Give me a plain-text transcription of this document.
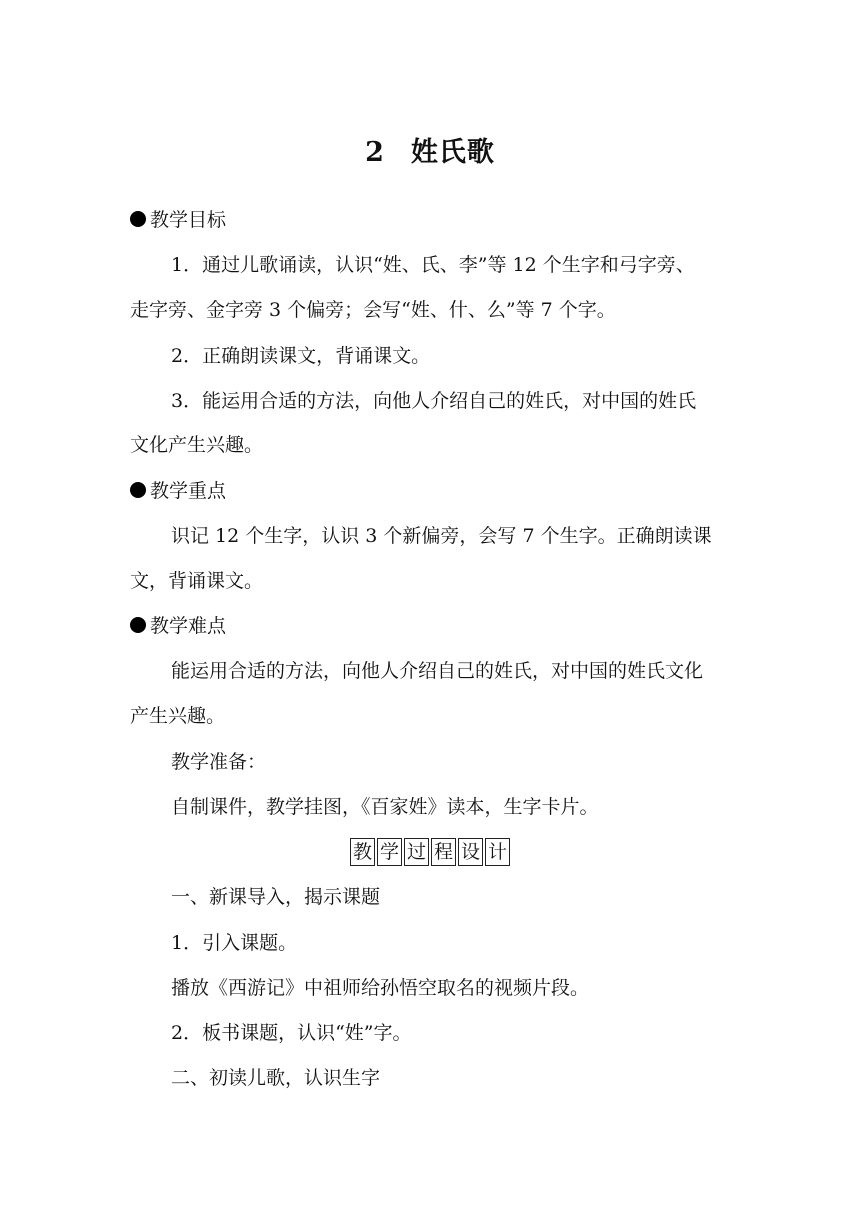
2 姓氏歌
教学目标
1．通过儿歌诵读，认识“姓、氏、李”等 12 个生字和弓字旁、
走字旁、金字旁 3 个偏旁；会写“姓、什、么”等 7 个字。
2．正确朗读课文，背诵课文。
3．能运用合适的方法，向他人介绍自己的姓氏，对中国的姓氏
文化产生兴趣。
教学重点
识记 12 个生字，认识 3 个新偏旁，会写 7 个生字。正确朗读课
文，背诵课文。
教学难点
能运用合适的方法，向他人介绍自己的姓氏，对中国的姓氏文化
产生兴趣。
教学准备：
自制课件，教学挂图，《百家姓》读本，生字卡片。
教 学 过 程 设 计
一、新课导入，揭示课题
1．引入课题。
播放《西游记》中祖师给孙悟空取名的视频片段。
2．板书课题，认识“姓”字。
二、初读儿歌，认识生字
